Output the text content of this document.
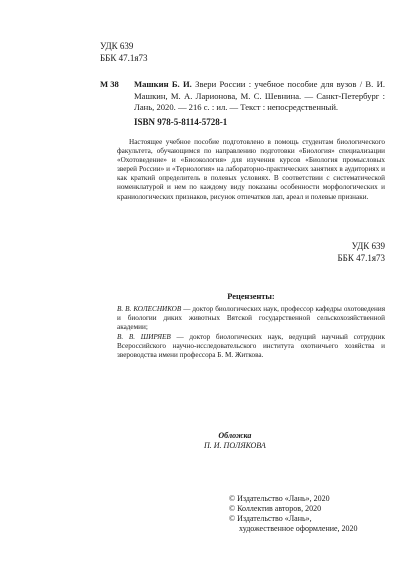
УДК 639
ББК 47.1я73
М 38 Машкин Б. И. Звери России : учебное пособие для вузов / В. И. Машкин, М. А. Ларионова, М. С. Шевнина. — Санкт-Петербург : Лань, 2020. — 216 с. : ил. — Текст : непосредственный.
ISBN 978-5-8114-5728-1

Настоящее учебное пособие подготовлено в помощь студентам биологического факультета, обучающимся по направлению подготовки «Биология» специализации «Охотоведение» и «Биоэкология» для изучения курсов «Биология промысловых зверей России» и «Териология» на лабораторно-практических занятиях в аудиториях и как краткий определитель в полевых условиях. В соответствии с систематической номенклатурой и нем по каждому виду показаны особенности морфологических и краниологических признаков, рисунок отпечатков лап, ареал и полевые признаки.

УДК 639
ББК 47.1я73
Рецензенты:
В. В. КОЛЕСНИКОВ — доктор биологических наук, профессор кафедры охотоведения и биологии диких животных Вятской государственной сельскохозяйственной академии;
В. В. ШИРЯЕВ — доктор биологических наук, ведущий научный сотрудник Всероссийского научно-исследовательского института охотничьего хозяйства и звероводства имени профессора Б. М. Житкова.
Обложка
П. И. ПОЛЯКОВА
© Издательство «Лань», 2020
© Коллектив авторов, 2020
© Издательство «Лань»,
художественное оформление, 2020
